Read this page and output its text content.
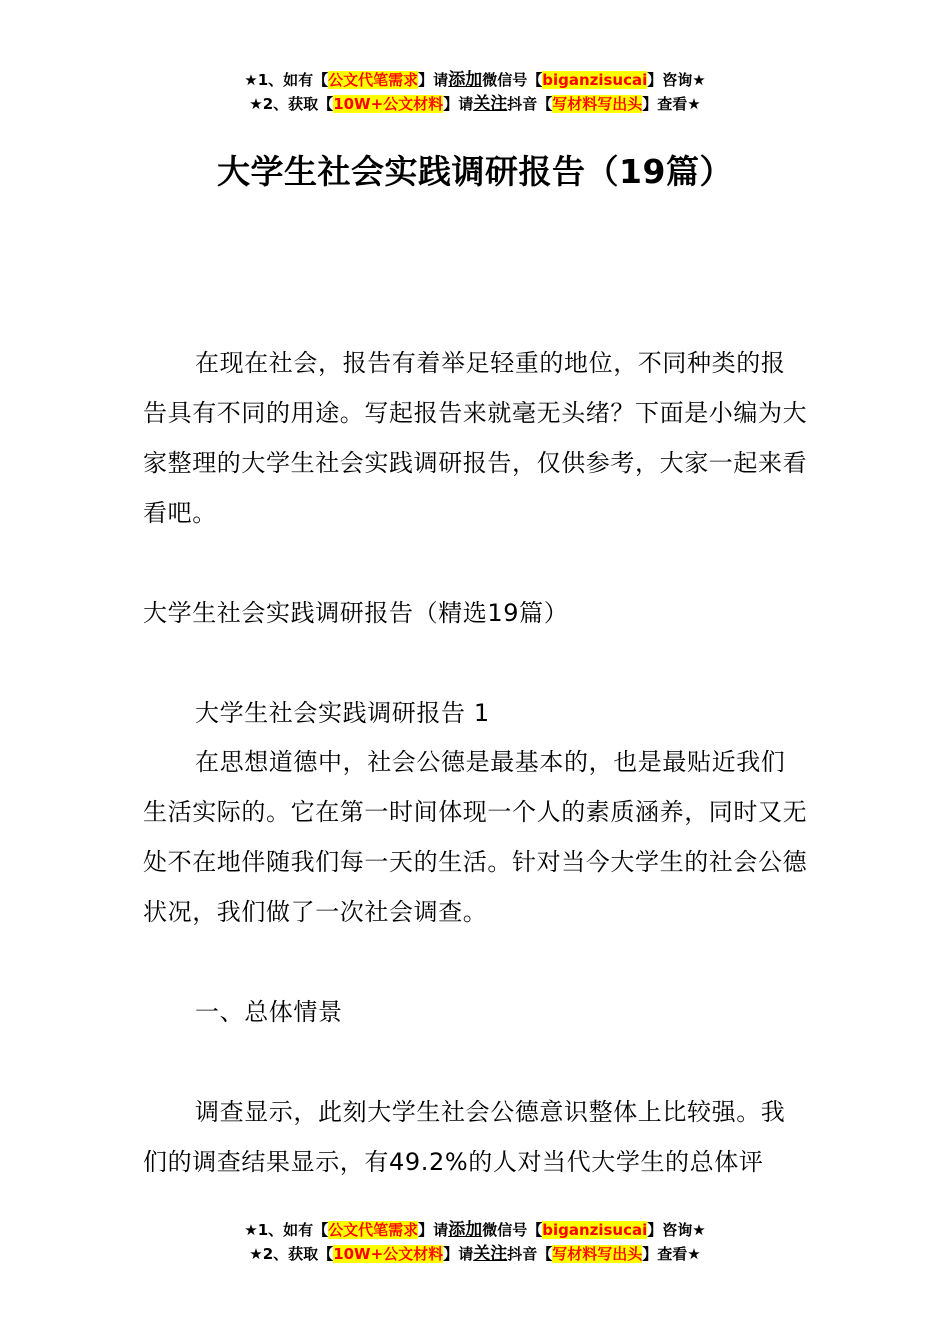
★1、如有【公文代笔需求】请添加微信号【biganzisucai】咨询★
★2、获取【10W+公文材料】请关注抖音【写材料写出头】查看★
大学生社会实践调研报告（19篇）
在现在社会，报告有着举足轻重的地位，不同种类的报告具有不同的用途。写起报告来就毫无头绪？下面是小编为大家整理的大学生社会实践调研报告，仅供参考，大家一起来看看吧。
大学生社会实践调研报告（精选19篇）
大学生社会实践调研报告 1
在思想道德中，社会公德是最基本的，也是最贴近我们生活实际的。它在第一时间体现一个人的素质涵养，同时又无处不在地伴随我们每一天的生活。针对当今大学生的社会公德状况，我们做了一次社会调查。
一、总体情景
调查显示，此刻大学生社会公德意识整体上比较强。我们的调查结果显示，有49.2%的人对当代大学生的总体评
★1、如有【公文代笔需求】请添加微信号【biganzisucai】咨询★
★2、获取【10W+公文材料】请关注抖音【写材料写出头】查看★
